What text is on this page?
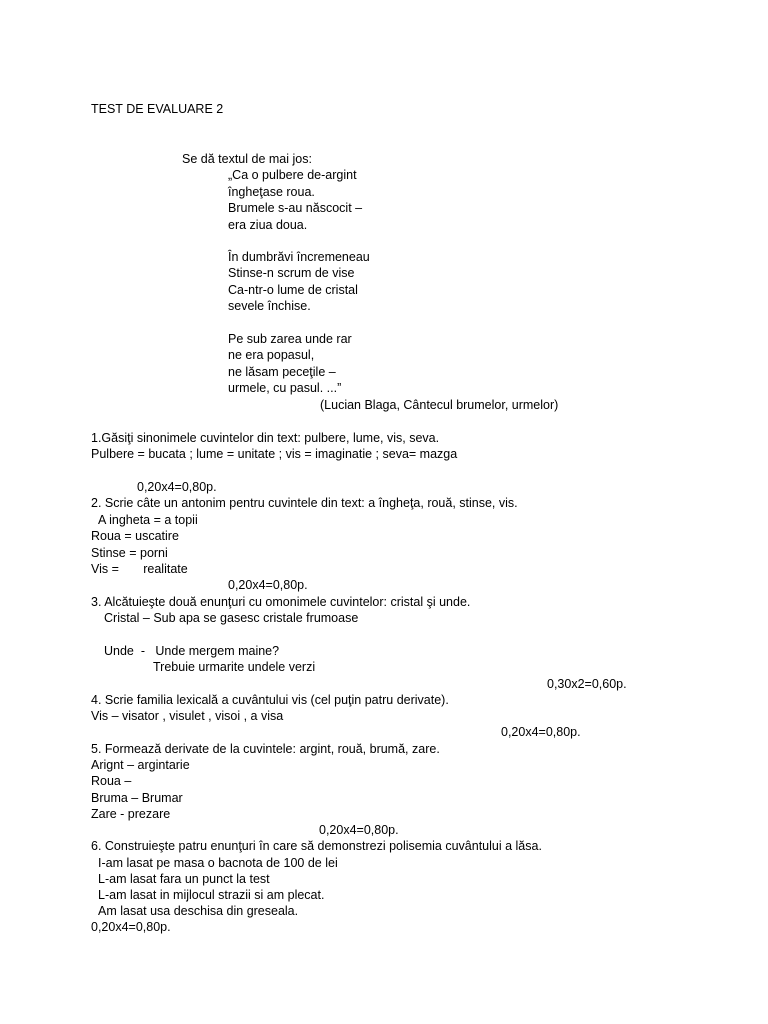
TEST DE EVALUARE 2
Se dă textul de mai jos:
„Ca o pulbere de-argint
îngheţase roua.
Brumele s-au născocit –
era ziua doua.
În dumbrăvi încremeneau
Stinse-n scrum de vise
Ca-ntr-o lume de cristal
sevele închise.
Pe sub zarea unde rar
ne era popasul,
ne lăsam peceţile –
urmele, cu pasul. ...”
(Lucian Blaga, Cântecul brumelor, urmelor)
1.Găsiţi sinonimele cuvintelor din text: pulbere, lume, vis, seva.
Pulbere = bucata ; lume = unitate ; vis = imaginatie ; seva= mazga
0,20x4=0,80p.
2. Scrie câte un antonim pentru cuvintele din text: a îngheţa, rouă, stinse, vis.
A ingheta = a topii
Roua = uscatire
Stinse = porni
Vis =       realitate
0,20x4=0,80p.
3. Alcătuieşte două enunţuri cu omonimele cuvintelor: cristal şi unde.
Cristal – Sub apa se gasesc cristale frumoase
Unde  -   Unde mergem maine?
Trebuie urmarite undele verzi
0,30x2=0,60p.
4. Scrie familia lexicală a cuvântului vis (cel puţin patru derivate).
Vis – visator , visulet , visoi , a visa
0,20x4=0,80p.
5. Formează derivate de la cuvintele: argint, rouă, brumă, zare.
Arignt – argintarie
Roua –
Bruma – Brumar
Zare - prezare
0,20x4=0,80p.
6. Construieşte patru enunţuri în care să demonstrezi polisemia cuvântului a lăsa.
I-am lasat pe masa o bacnota de 100 de lei
L-am lasat fara un punct la test
L-am lasat in mijlocul strazii si am plecat.
Am lasat usa deschisa din greseala.
0,20x4=0,80p.
